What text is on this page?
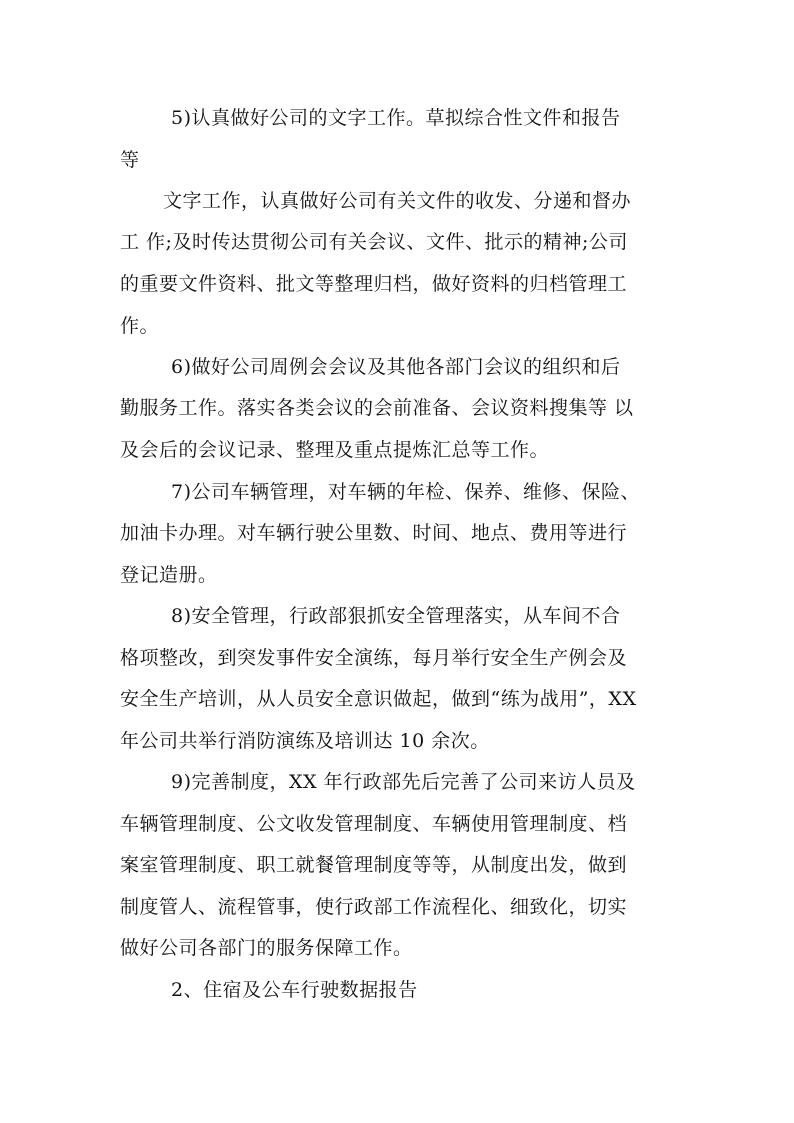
5)认真做好公司的文字工作。草拟综合性文件和报告
等
文字工作，认真做好公司有关文件的收发、分递和督办
工 作;及时传达贯彻公司有关会议、文件、批示的精神;公司
的重要文件资料、批文等整理归档，做好资料的归档管理工
作。
6)做好公司周例会会议及其他各部门会议的组织和后
勤服务工作。落实各类会议的会前准备、会议资料搜集等 以
及会后的会议记录、整理及重点提炼汇总等工作。
7)公司车辆管理，对车辆的年检、保养、维修、保险、
加油卡办理。对车辆行驶公里数、时间、地点、费用等进行
登记造册。
8)安全管理，行政部狠抓安全管理落实，从车间不合
格项整改，到突发事件安全演练，每月举行安全生产例会及
安全生产培训，从人员安全意识做起，做到“练为战用”，XX
年公司共举行消防演练及培训达 10 余次。
9)完善制度，XX 年行政部先后完善了公司来访人员及
车辆管理制度、公文收发管理制度、车辆使用管理制度、档
案室管理制度、职工就餐管理制度等等，从制度出发，做到
制度管人、流程管事，使行政部工作流程化、细致化，切实
做好公司各部门的服务保障工作。
2、住宿及公车行驶数据报告
